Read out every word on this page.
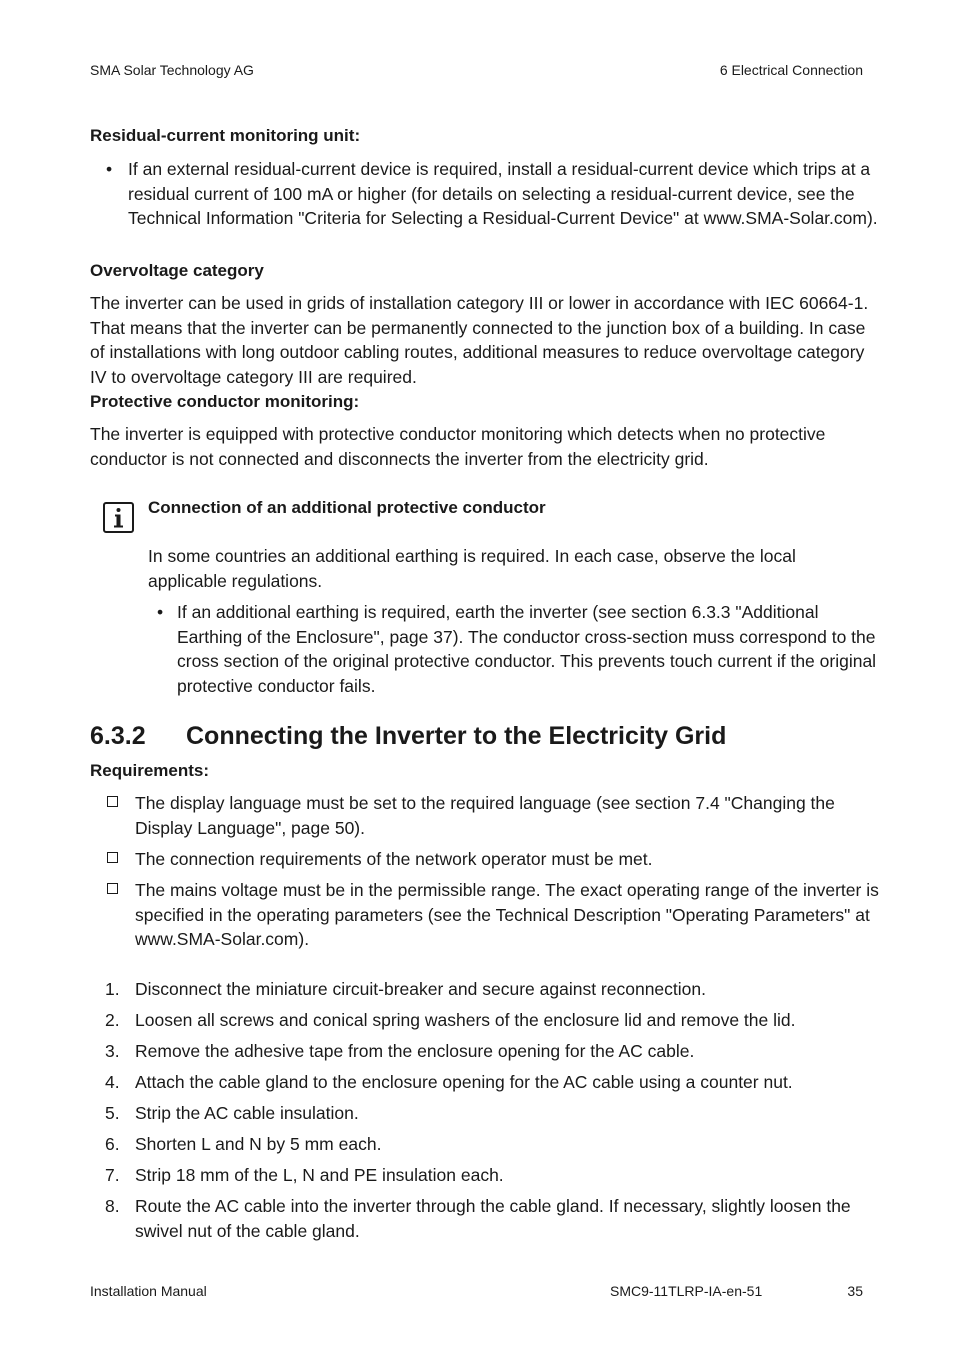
SMA Solar Technology AG	6 Electrical Connection
Residual-current monitoring unit:
• If an external residual-current device is required, install a residual-current device which trips at a
residual current of 100 mA or higher (for details on selecting a residual-current device, see the
Technical Information "Criteria for Selecting a Residual-Current Device" at www.SMA-Solar.com).
Overvoltage category
The inverter can be used in grids of installation category III or lower in accordance with IEC 60664-1.
That means that the inverter can be permanently connected to the junction box of a building. In case
of installations with long outdoor cabling routes, additional measures to reduce overvoltage category
IV to overvoltage category III are required.
Protective conductor monitoring:
The inverter is equipped with protective conductor monitoring which detects when no protective
conductor is not connected and disconnects the inverter from the electricity grid.
Connection of an additional protective conductor
In some countries an additional earthing is required. In each case, observe the local
applicable regulations.
• If an additional earthing is required, earth the inverter (see section 6.3.3 "Additional
Earthing of the Enclosure", page 37). The conductor cross-section muss correspond to the
cross section of the original protective conductor. This prevents touch current if the original
protective conductor fails.
6.3.2 Connecting the Inverter to the Electricity Grid
Requirements:
The display language must be set to the required language (see section 7.4 "Changing the
Display Language", page 50).
The connection requirements of the network operator must be met.
The mains voltage must be in the permissible range. The exact operating range of the inverter is
specified in the operating parameters (see the Technical Description "Operating Parameters" at
www.SMA-Solar.com).
1. Disconnect the miniature circuit-breaker and secure against reconnection.
2. Loosen all screws and conical spring washers of the enclosure lid and remove the lid.
3. Remove the adhesive tape from the enclosure opening for the AC cable.
4. Attach the cable gland to the enclosure opening for the AC cable using a counter nut.
5. Strip the AC cable insulation.
6. Shorten L and N by 5 mm each.
7. Strip 18 mm of the L, N and PE insulation each.
8. Route the AC cable into the inverter through the cable gland. If necessary, slightly loosen the
swivel nut of the cable gland.
Installation Manual	SMC9-11TLRP-IA-en-51	35
